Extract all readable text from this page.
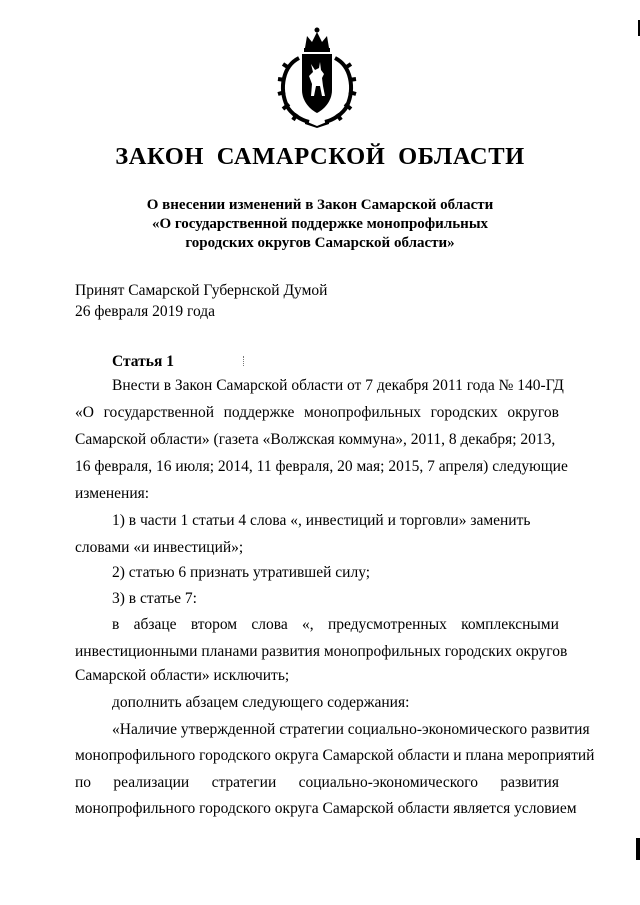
ЗАКОН САМАРСКОЙ ОБЛАСТИ
О внесении изменений в Закон Самарской области
«О государственной поддержке монопрофильных
городских округов Самарской области»
Принят Самарской Губернской Думой
26 февраля 2019 года
Статья 1
Внести в Закон Самарской области от 7 декабря 2011 года № 140-ГД
«О государственной поддержке монопрофильных городских округов
Самарской области» (газета «Волжская коммуна», 2011, 8 декабря; 2013,
16 февраля, 16 июля; 2014, 11 февраля, 20 мая; 2015, 7 апреля) следующие
изменения:
1) в части 1 статьи 4 слова «, инвестиций и торговли» заменить
словами «и инвестиций»;
2) статью 6 признать утратившей силу;
3) в статье 7:
в абзаце втором слова «, предусмотренных комплексными
инвестиционными планами развития монопрофильных городских округов
Самарской области» исключить;
дополнить абзацем следующего содержания:
«Наличие утвержденной стратегии социально-экономического развития
монопрофильного городского округа Самарской области и плана мероприятий
по реализации стратегии социально-экономического развития
монопрофильного городского округа Самарской области является условием
